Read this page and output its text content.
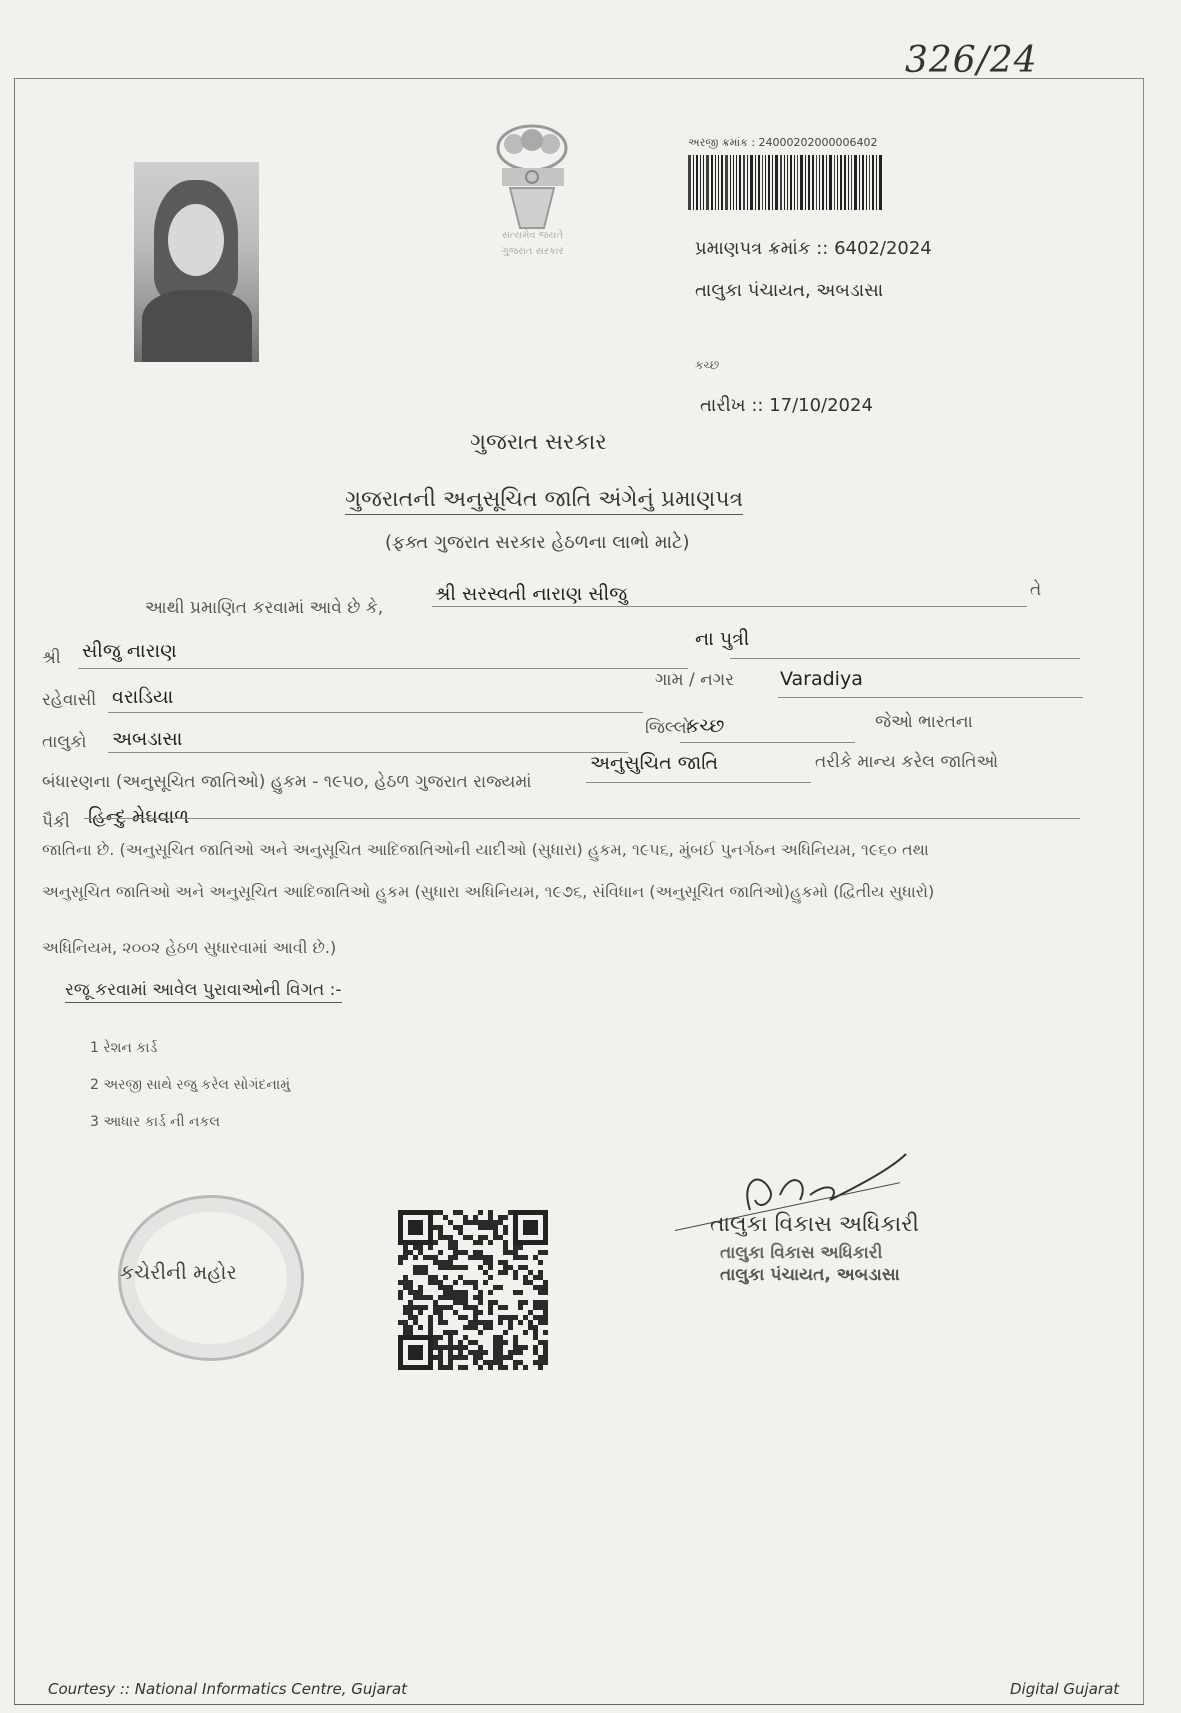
326/24
સત્યમેવ જયતે
ગુજરાત સરકાર
અરજી ક્રમાંક : 24000202000006402
પ્રમાણપત્ર ક્રમાંક :: 6402/2024
તાલુકા પંચાયત, અબડાસા
કચ્છ
તારીખ :: 17/10/2024
ગુજરાત સરકાર
ગુજરાતની અનુસૂચિત જાતિ અંગેનું પ્રમાણપત્ર
(ફક્ત ગુજરાત સરકાર હેઠળના લાભો માટે)
આથી પ્રમાણિત કરવામાં આવે છે કે,
શ્રી સરસ્વતી નારાણ સીજુ	તે
શ્રી સીજુ નારાણ
ના પુત્રી
રહેવાસી વરાડિયા
ગામ / નગર Varadiya
તાલુકો અબડાસા	જિલ્લો
કચ્છ	જેઓ ભારતના
બંધારણના (અનુસૂચિત જાતિઓ) હુકમ - ૧૯૫૦, હેઠળ ગુજરાત રાજ્યમાં
અનુસુચિત જાતિ	તરીકે માન્ય કરેલ જાતિઓ
પૈકી હિન્દુ મેઘવાળ
જાતિના છે. (અનુસૂચિત જાતિઓ અને અનુસૂચિત આદિજાતિઓની યાદીઓ (સુધારા) હુકમ, ૧૯૫૬, મુંબઈ પુનર્ગઠન અધિનિયમ, ૧૯૬૦ તથા
અનુસૂચિત જાતિઓ અને અનુસૂચિત આદિજાતિઓ હુકમ (સુધારા અધિનિયમ, ૧૯૭૬, સંવિધાન (અનુસૂચિત જાતિઓ)હુકમો (દ્વિતીય સુધારો)
અધિનિયમ, ૨૦૦૨ હેઠળ સુધારવામાં આવી છે.)
રજૂ કરવામાં આવેલ પુરાવાઓની વિગત :-
1 રેશન કાર્ડ
2 અરજી સાથે રજુ કરેલ સોગંદનામું
3 આધાર કાર્ડ ની નકલ
કચેરીની મહોર
તાલુકા વિકાસ અધિકારી
તાલુકા વિકાસ અધિકારી
તાલુકા પંચાયત, અબડાસા
Courtesy :: National Informatics Centre, Gujarat	Digital Gujarat
